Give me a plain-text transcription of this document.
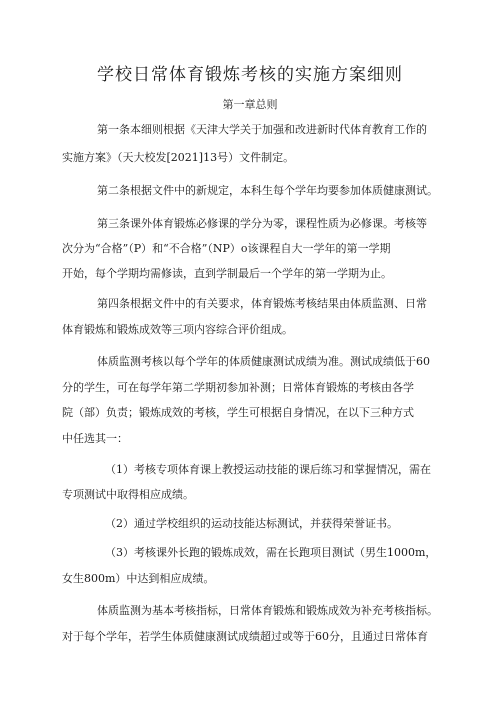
学校日常体育锻炼考核的实施方案细则
第一章总则
第一条本细则根据《天津大学关于加强和改进新时代体育教育工作的
实施方案》（天大校发[2021]13号）文件制定。
第二条根据文件中的新规定，本科生每个学年均要参加体质健康测试。
第三条课外体育锻炼必修课的学分为零，课程性质为必修课。考核等
次分为“合格”（P）和“不合格”（NP）o该课程自大一学年的第一学期
开始，每个学期均需修读，直到学制最后一个学年的第一学期为止。
第四条根据文件中的有关要求，体育锻炼考核结果由体质监测、日常
体育锻炼和锻炼成效等三项内容综合评价组成。
体质监测考核以每个学年的体质健康测试成绩为准。测试成绩低于60
分的学生，可在每学年第二学期初参加补测；日常体育锻炼的考核由各学
院（部）负责；锻炼成效的考核，学生可根据自身情况，在以下三种方式
中任选其一：
（1）考核专项体育课上教授运动技能的课后练习和掌握情况，需在
专项测试中取得相应成绩。
（2）通过学校组织的运动技能达标测试，并获得荣誉证书。
（3）考核课外长跑的锻炼成效，需在长跑项目测试（男生1000m，
女生800m）中达到相应成绩。
体质监测为基本考核指标，日常体育锻炼和锻炼成效为补充考核指标。
对于每个学年，若学生体质健康测试成绩超过或等于60分，且通过日常体育
